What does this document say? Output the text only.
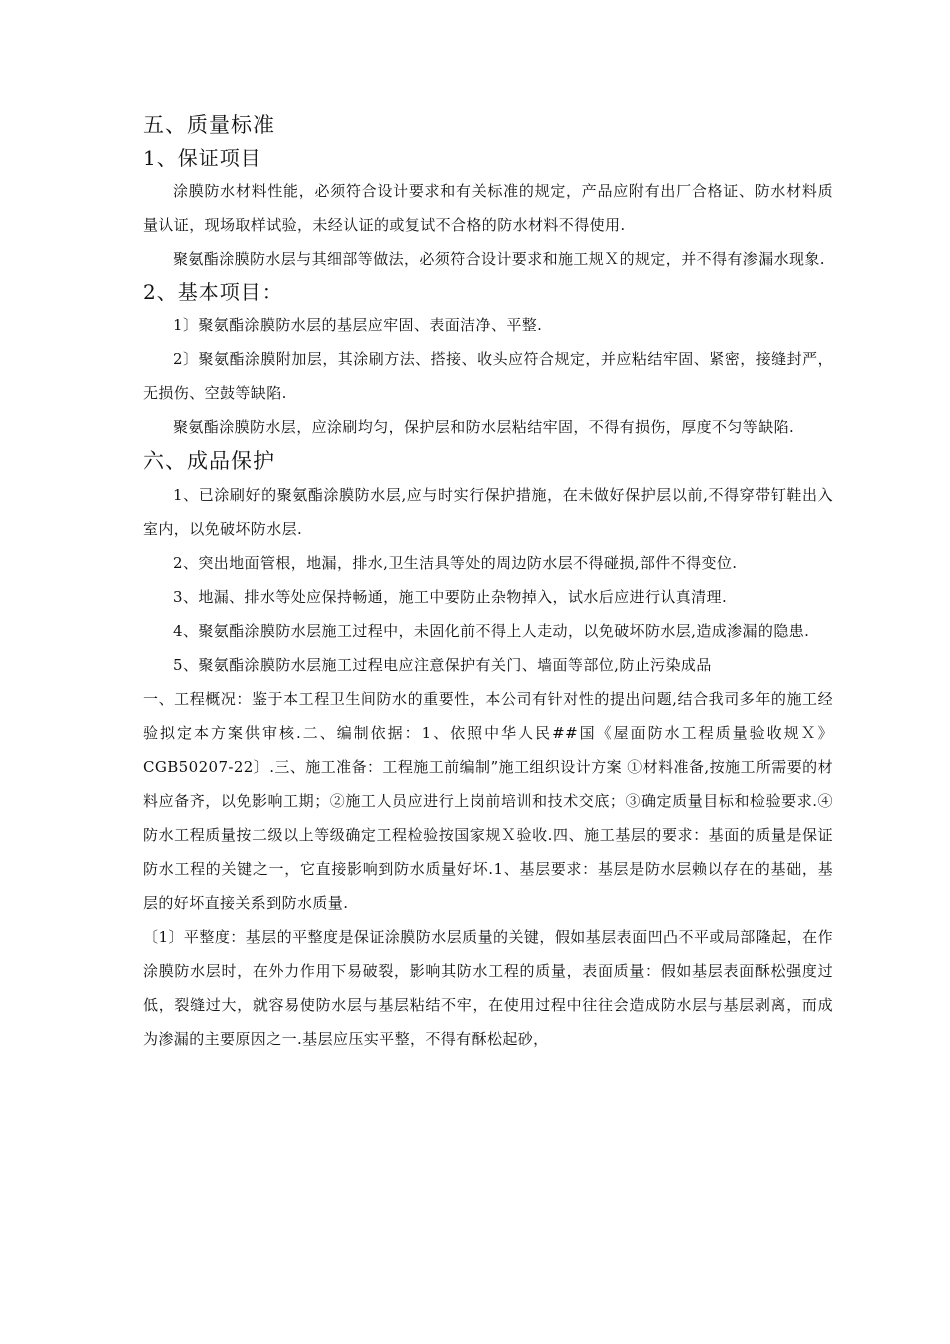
五、质量标准
1、保证项目

涂膜防水材料性能，必须符合设计要求和有关标准的规定，产品应附有出厂合格证、防水材料质量认证，现场取样试验，未经认证的或复试不合格的防水材料不得使用.

聚氨酯涂膜防水层与其细部等做法，必须符合设计要求和施工规Ｘ的规定，并不得有渗漏水现象.

2、基本项目：

1〕聚氨酯涂膜防水层的基层应牢固、表面洁净、平整.

2〕聚氨酯涂膜附加层，其涂刷方法、搭接、收头应符合规定，并应粘结牢固、紧密，接缝封严，无损伤、空鼓等缺陷.

聚氨酯涂膜防水层，应涂刷均匀，保护层和防水层粘结牢固，不得有损伤，厚度不匀等缺陷.

六、成品保护

1、已涂刷好的聚氨酯涂膜防水层,应与时实行保护措施，在未做好保护层以前,不得穿带钉鞋出入室内，以免破坏防水层.

2、突出地面管根，地漏，排水,卫生洁具等处的周边防水层不得碰损,部件不得变位.

3、地漏、排水等处应保持畅通，施工中要防止杂物掉入，试水后应进行认真清理.

4、聚氨酯涂膜防水层施工过程中，未固化前不得上人走动，以免破坏防水层,造成渗漏的隐患.

5、聚氨酯涂膜防水层施工过程电应注意保护有关门、墙面等部位,防止污染成品

一、工程概况：鉴于本工程卫生间防水的重要性，本公司有针对性的提出问题,结合我司多年的施工经验拟定本方案供审核.二、编制依据：1、依照中华人民##国《屋面防水工程质量验收规Ｘ》CGB50207-22〕.三、施工准备：工程施工前编制”施工组织设计方案 ①材料准备,按施工所需要的材料应备齐，以免影响工期；②施工人员应进行上岗前培训和技术交底；③确定质量目标和检验要求.④防水工程质量按二级以上等级确定工程检验按国家规Ｘ验收.四、施工基层的要求：基面的质量是保证防水工程的关键之一，它直接影响到防水质量好坏.1、基层要求：基层是防水层赖以存在的基础，基层的好坏直接关系到防水质量.

〔1〕平整度：基层的平整度是保证涂膜防水层质量的关键，假如基层表面凹凸不平或局部隆起，在作涂膜防水层时，在外力作用下易破裂，影响其防水工程的质量，表面质量：假如基层表面酥松强度过低，裂缝过大，就容易使防水层与基层粘结不牢，在使用过程中往往会造成防水层与基层剥离，而成为渗漏的主要原因之一.基层应压实平整，不得有酥松起砂，
